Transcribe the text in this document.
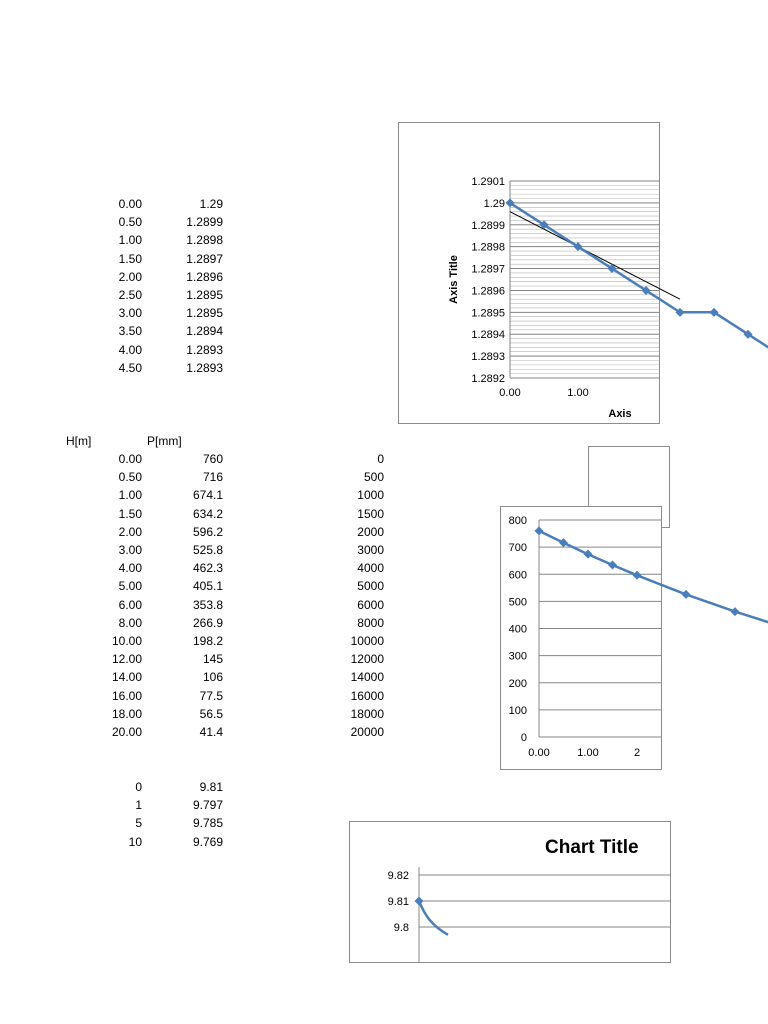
0.00	1.29
0.50	1.2899
1.00	1.2898
1.50	1.2897
2.00	1.2896
2.50	1.2895
3.00	1.2895
3.50	1.2894
4.00	1.2893
4.50	1.2893
H[m]	P[mm]
0.00	760	0
0.50	716	500
1.00	674.1	1000
1.50	634.2	1500
2.00	596.2	2000
3.00	525.8	3000
4.00	462.3	4000
5.00	405.1	5000
6.00	353.8	6000
8.00	266.9	8000
10.00	198.2	10000
12.00	145	12000
14.00	106	14000
16.00	77.5	16000
18.00	56.5	18000
20.00	41.4	20000
0	9.81
1	9.797
5	9.785
10	9.769
1.2901
1.29
1.2899
1.2898
1.2897
1.2896
1.2895
1.2894
1.2893
1.2892
0.00	1.00
Axis Title
Axis
800
700
600
500
400
300
200
100
0
0.00	1.00	2
Chart Title
9.82
9.81
9.8
